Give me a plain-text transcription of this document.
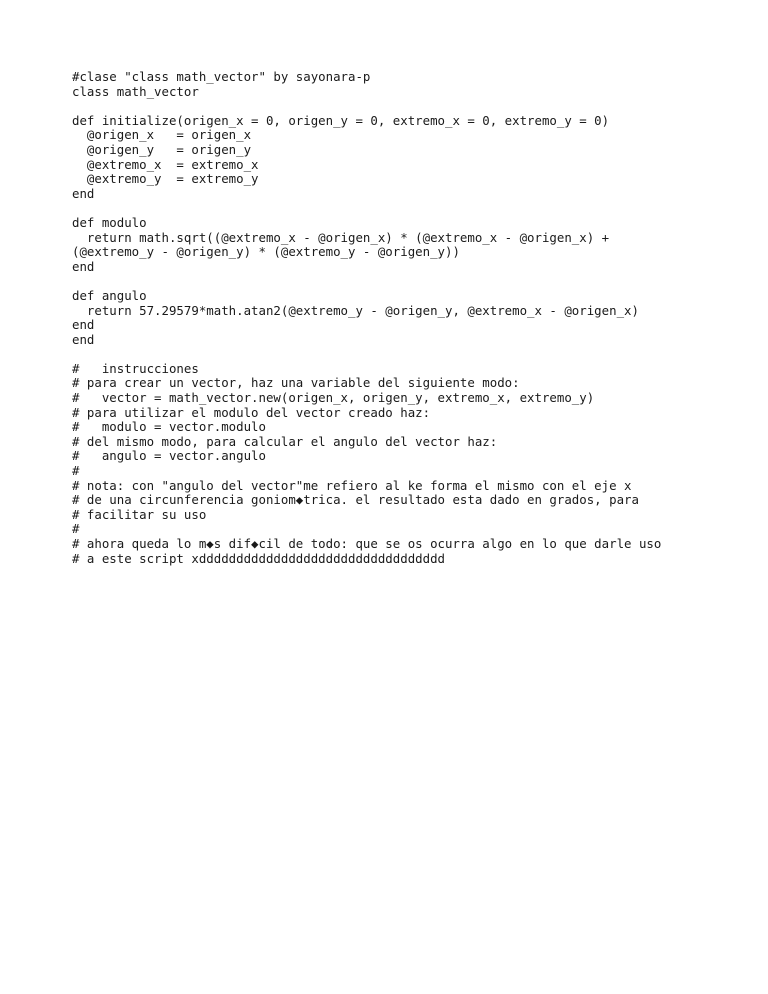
#clase "class math_vector" by sayonara-p
class math_vector
def initialize(origen_x = 0, origen_y = 0, extremo_x = 0, extremo_y = 0)
@origen_x   = origen_x
@origen_y   = origen_y
@extremo_x  = extremo_x
@extremo_y  = extremo_y
end
def modulo
return math.sqrt((@extremo_x - @origen_x) * (@extremo_x - @origen_x) +
(@extremo_y - @origen_y) * (@extremo_y - @origen_y))
end
def angulo
return 57.29579*math.atan2(@extremo_y - @origen_y, @extremo_x - @origen_x)
end
end
#   instrucciones
# para crear un vector, haz una variable del siguiente modo:
#   vector = math_vector.new(origen_x, origen_y, extremo_x, extremo_y)
# para utilizar el modulo del vector creado haz:
#   modulo = vector.modulo
# del mismo modo, para calcular el angulo del vector haz:
#   angulo = vector.angulo
#
# nota: con "angulo del vector"me refiero al ke forma el mismo con el eje x
# de una circunferencia goniom◆trica. el resultado esta dado en grados, para
# facilitar su uso
#
# ahora queda lo m◆s dif◆cil de todo: que se os ocurra algo en lo que darle uso
# a este script xddddddddddddddddddddddddddddddddd
